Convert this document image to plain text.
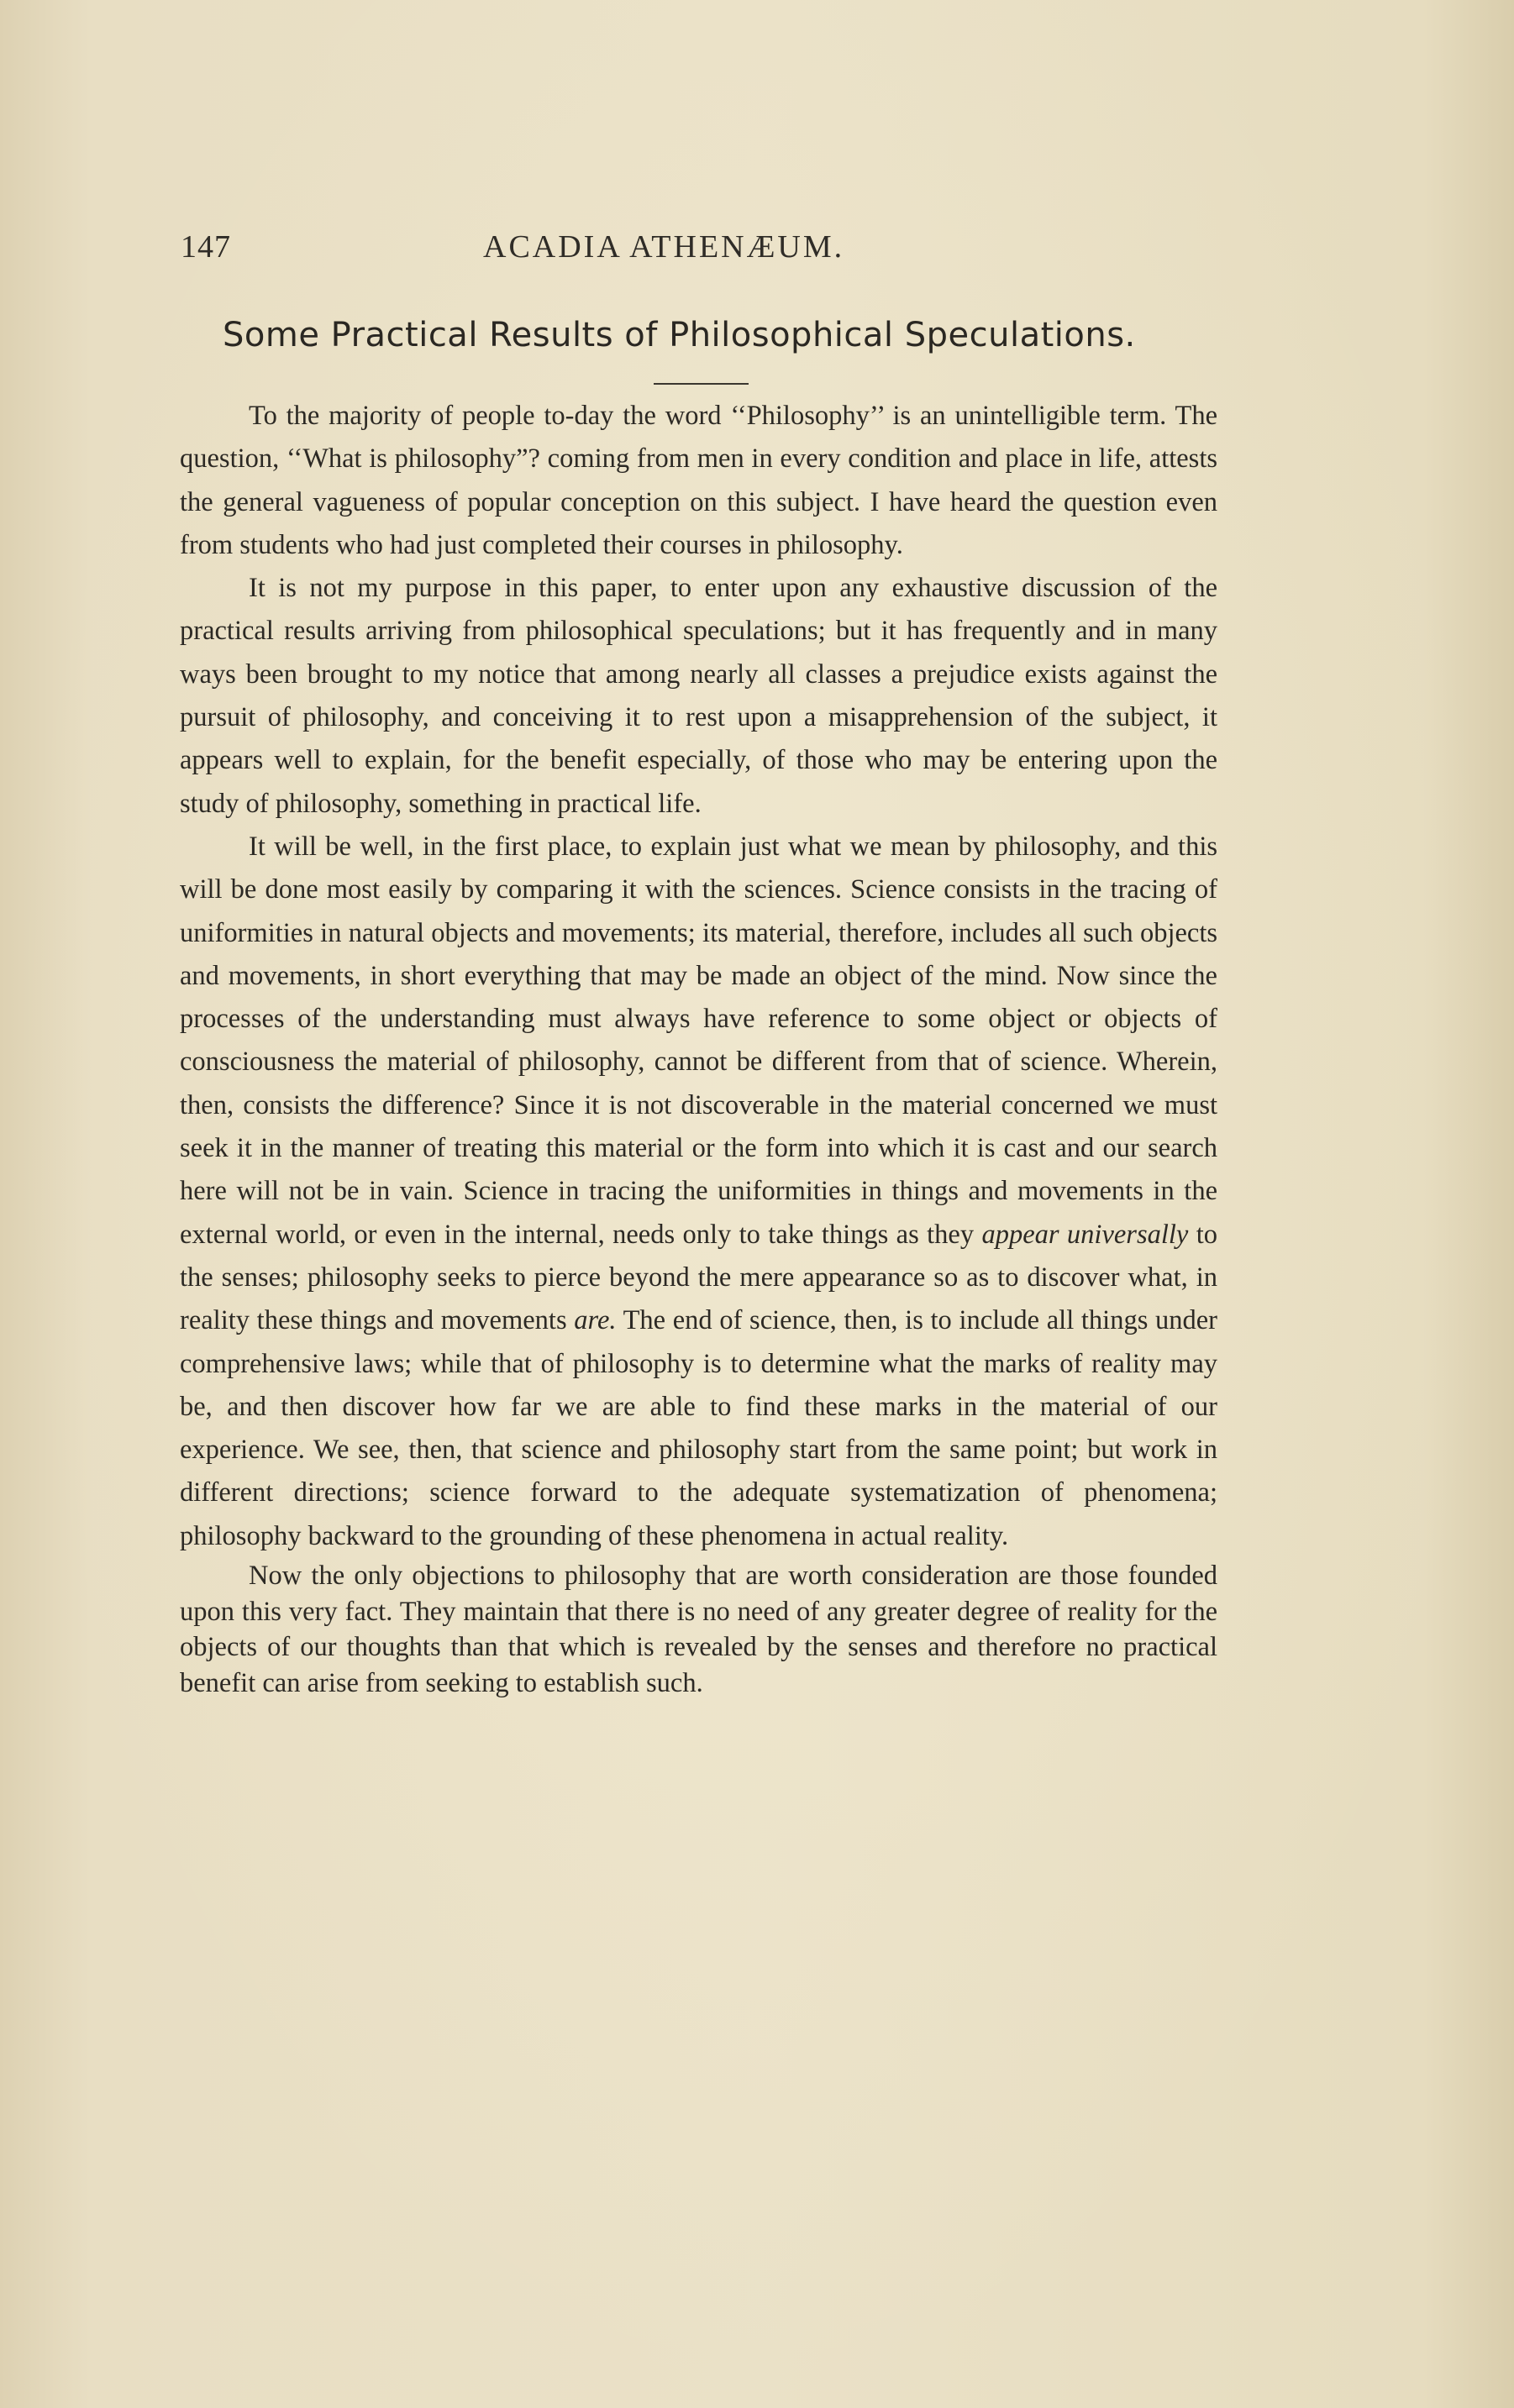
147	ACADIA ATHENÆUM.
Some Practical Results of Philosophical Speculations.

To the majority of people to-day the word ‘‘Philosophy’’ is an unintelligible term. The question, ‘‘What is philosophy”? coming from men in every condition and place in life, attests the general vagueness of popular conception on this subject. I have heard the question even from students who had just completed their courses in philosophy.

It is not my purpose in this paper, to enter upon any exhaustive discussion of the practical results arriving from philosophical speculations; but it has frequently and in many ways been brought to my notice that among nearly all classes a prejudice exists against the pursuit of philosophy, and conceiving it to rest upon a misapprehension of the subject, it appears well to explain, for the benefit especially, of those who may be entering upon the study of philosophy, something in practical life.

It will be well, in the first place, to explain just what we mean by philosophy, and this will be done most easily by comparing it with the sciences. Science consists in the tracing of uniformities in natural objects and movements; its material, therefore, includes all such objects and movements, in short everything that may be made an object of the mind. Now since the processes of the understanding must always have reference to some object or objects of consciousness the material of philosophy, cannot be different from that of science. Wherein, then, consists the difference? Since it is not discoverable in the material concerned we must seek it in the manner of treating this material or the form into which it is cast and our search here will not be in vain. Science in tracing the uniformities in things and movements in the external world, or even in the internal, needs only to take things as they appear universally to the senses; philosophy seeks to pierce beyond the mere appearance so as to discover what, in reality these things and movements are. The end of science, then, is to include all things under comprehensive laws; while that of philosophy is to determine what the marks of reality may be, and then discover how far we are able to find these marks in the material of our experience. We see, then, that science and philosophy start from the same point; but work in different directions; science forward to the adequate systematization of phenomena; philosophy backward to the grounding of these phenomena in actual reality.

Now the only objections to philosophy that are worth consideration are those founded upon this very fact. They maintain that there is no need of any greater degree of reality for the objects of our thoughts than that which is revealed by the senses and therefore no practical benefit can arise from seeking to establish such.
